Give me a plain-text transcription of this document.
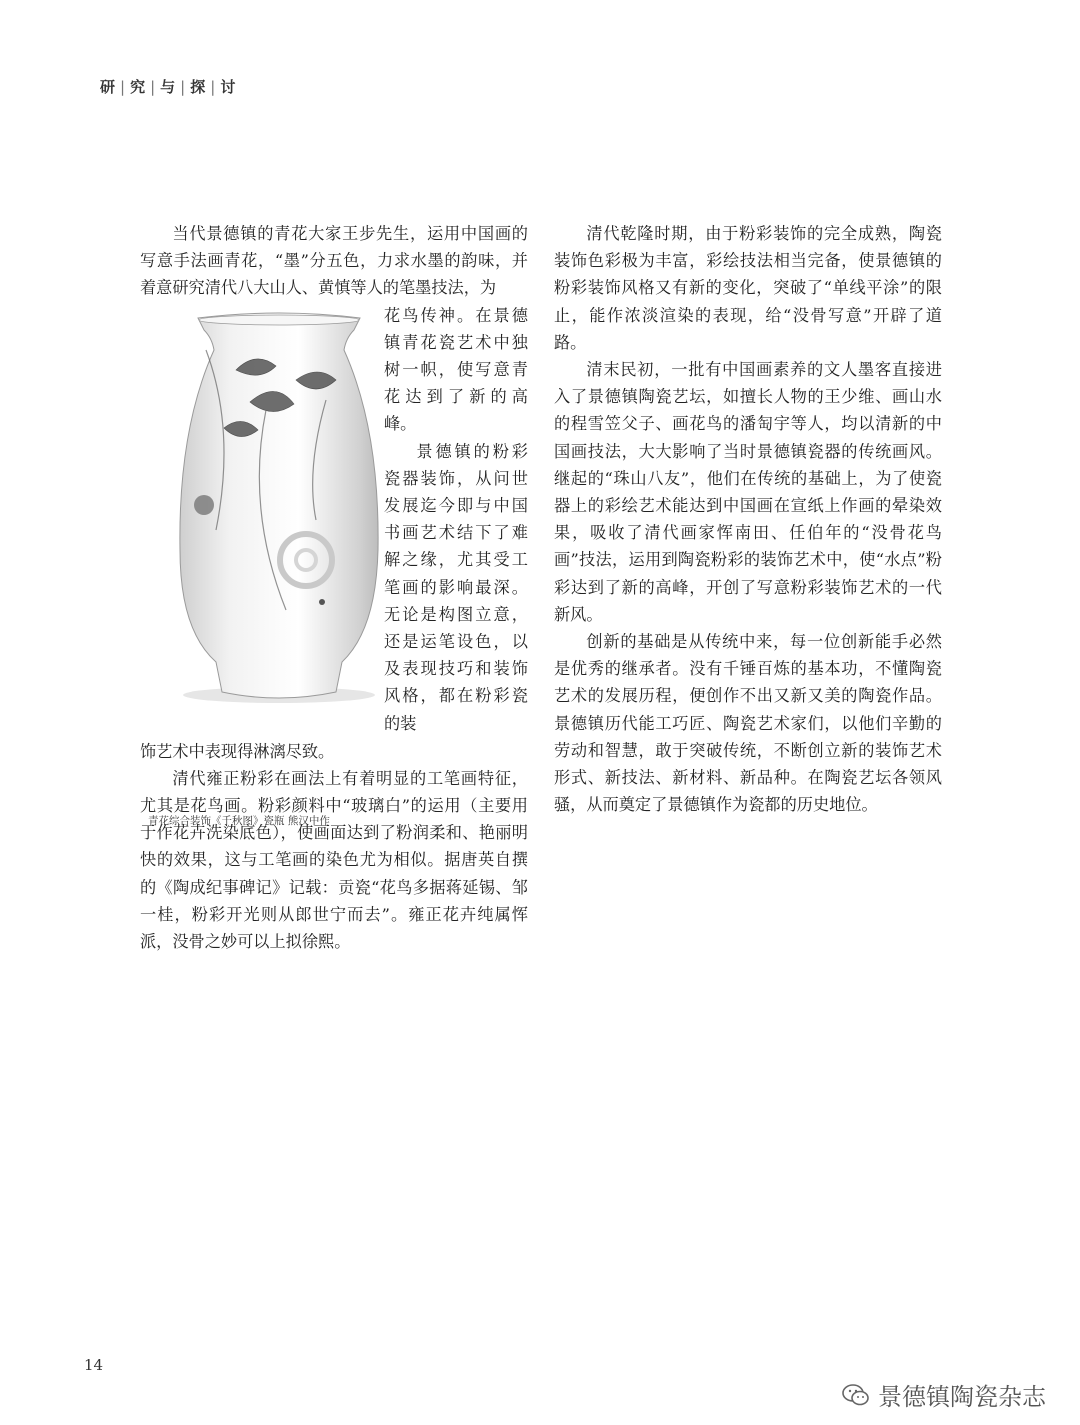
研 | 究 | 与 | 探 | 讨

当代景德镇的青花大家王步先生，运用中国画的写意手法画青花，“墨”分五色，力求水墨的韵味，并着意研究清代八大山人、黄慎等人的笔墨技法，为

青花综合装饰《千秋图》瓷瓶 熊汉中作

花鸟传神。在景德镇青花瓷艺术中独树一帜，使写意青花达到了新的高峰。

景德镇的粉彩瓷器装饰，从问世发展迄今即与中国书画艺术结下了难解之缘，尤其受工笔画的影响最深。无论是构图立意，还是运笔设色，以及表现技巧和装饰风格，都在粉彩瓷的装

饰艺术中表现得淋漓尽致。

清代雍正粉彩在画法上有着明显的工笔画特征，尤其是花鸟画。粉彩颜料中“玻璃白”的运用（主要用于作花卉洗染底色），使画面达到了粉润柔和、艳丽明快的效果，这与工笔画的染色尤为相似。据唐英自撰的《陶成纪事碑记》记载：贡瓷“花鸟多据蒋延锡、邹一桂，粉彩开光则从郎世宁而去”。雍正花卉纯属恽派，没骨之妙可以上拟徐熙。

清代乾隆时期，由于粉彩装饰的完全成熟，陶瓷装饰色彩极为丰富，彩绘技法相当完备，使景德镇的粉彩装饰风格又有新的变化，突破了“单线平涂”的限止，能作浓淡渲染的表现，给“没骨写意”开辟了道路。

清末民初，一批有中国画素养的文人墨客直接进入了景德镇陶瓷艺坛，如擅长人物的王少维、画山水的程雪笠父子、画花鸟的潘匋宇等人，均以清新的中国画技法，大大影响了当时景德镇瓷器的传统画风。继起的“珠山八友”，他们在传统的基础上，为了使瓷器上的彩绘艺术能达到中国画在宣纸上作画的晕染效果，吸收了清代画家恽南田、任伯年的“没骨花鸟画”技法，运用到陶瓷粉彩的装饰艺术中，使“水点”粉彩达到了新的高峰，开创了写意粉彩装饰艺术的一代新风。

创新的基础是从传统中来，每一位创新能手必然是优秀的继承者。没有千锤百炼的基本功，不懂陶瓷艺术的发展历程，便创作不出又新又美的陶瓷作品。景德镇历代能工巧匠、陶瓷艺术家们，以他们辛勤的劳动和智慧，敢于突破传统，不断创立新的装饰艺术形式、新技法、新材料、新品种。在陶瓷艺坛各领风骚，从而奠定了景德镇作为瓷都的历史地位。

14
景德镇陶瓷杂志
